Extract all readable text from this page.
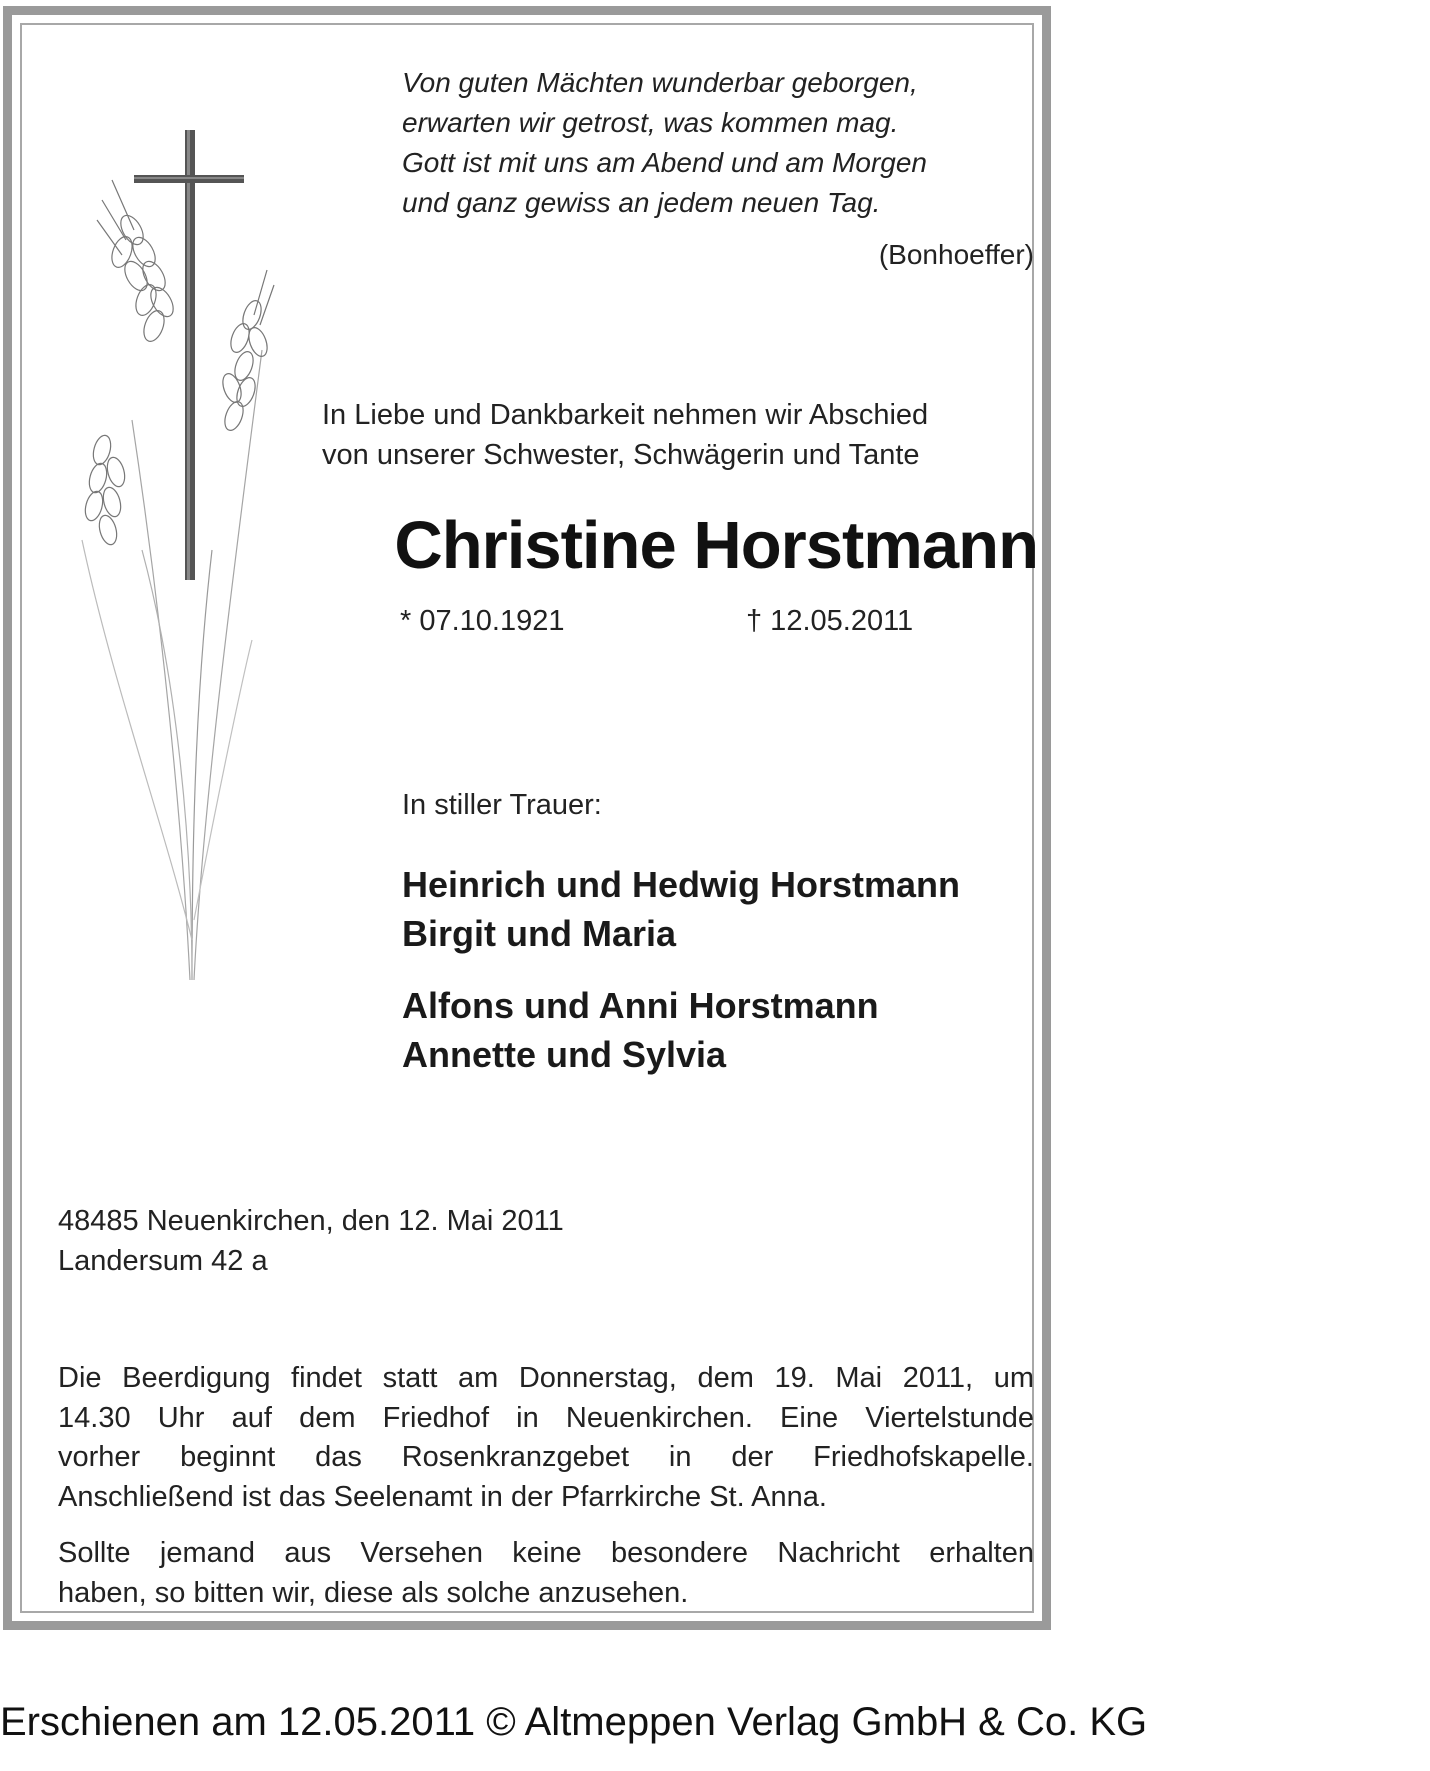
Von guten Mächten wunderbar geborgen,
erwarten wir getrost, was kommen mag.
Gott ist mit uns am Abend und am Morgen
und ganz gewiss an jedem neuen Tag.
(Bonhoeffer)
In Liebe und Dankbarkeit nehmen wir Abschied
von unserer Schwester, Schwägerin und Tante
Christine Horstmann
* 07.10.1921	† 12.05.2011
In stiller Trauer:
Heinrich und Hedwig Horstmann
Birgit und Maria
Alfons und Anni Horstmann
Annette und Sylvia
48485 Neuenkirchen, den 12. Mai 2011
Landersum 42 a
Die Beerdigung findet statt am Donnerstag, dem 19. Mai 2011, um
14.30 Uhr auf dem Friedhof in Neuenkirchen. Eine Viertelstunde
vorher beginnt das Rosenkranzgebet in der Friedhofskapelle.
Anschließend ist das Seelenamt in der Pfarrkirche St. Anna.
Sollte jemand aus Versehen keine besondere Nachricht erhalten
haben, so bitten wir, diese als solche anzusehen.
Erschienen am 12.05.2011 © Altmeppen Verlag GmbH & Co. KG
